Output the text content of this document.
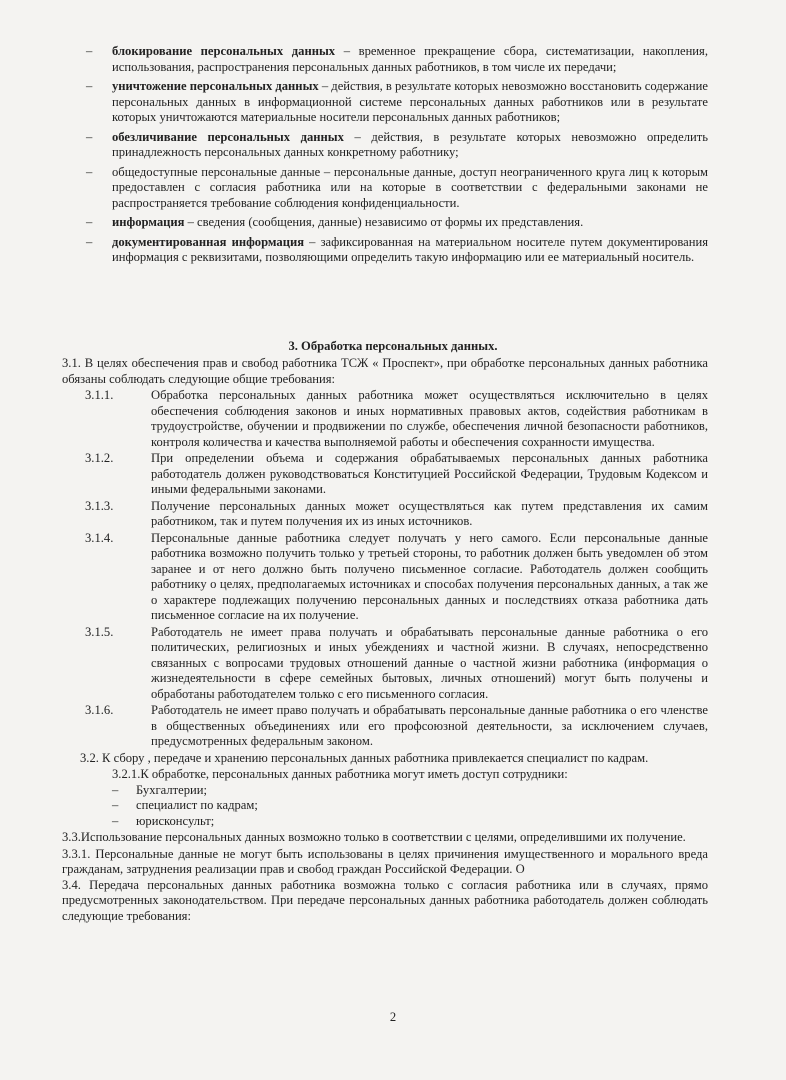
–	блокирование персональных данных – временное прекращение сбора, систематизации, накопления, использования, распространения персональных данных работников, в том числе их передачи;
–	уничтожение персональных данных – действия, в результате которых невозможно восстановить содержание персональных данных в информационной системе персональных данных работников или в результате которых уничтожаются материальные носители персональных данных работников;
–	обезличивание персональных данных – действия, в результате которых невозможно определить принадлежность персональных данных конкретному работнику;
–	общедоступные персональные данные – персональные данные, доступ неограниченного круга лиц к которым предоставлен с согласия работника или на которые в соответствии с федеральными законами не распространяется требование соблюдения конфиденциальности.
–	информация – сведения (сообщения, данные) независимо от формы их представления.
–	документированная информация – зафиксированная на материальном носителе путем документирования информация с реквизитами, позволяющими определить такую информацию или ее материальный носитель.
3. Обработка персональных данных.
3.1. В целях обеспечения прав и свобод работника ТСЖ « Проспект», при обработке персональных данных работника обязаны соблюдать следующие общие требования:
3.1.1.	Обработка персональных данных работника может осуществляться исключительно в целях обеспечения соблюдения законов и иных нормативных правовых актов, содействия работникам в трудоустройстве, обучении и продвижении по службе, обеспечения личной безопасности работников, контроля количества и качества выполняемой работы и обеспечения сохранности имущества.
3.1.2.	При определении объема и содержания обрабатываемых персональных данных работника работодатель должен руководствоваться Конституцией Российской Федерации, Трудовым Кодексом и иными федеральными законами.
3.1.3.	Получение персональных данных может осуществляться как путем представления их самим работником, так и путем получения их из иных источников.
3.1.4.	Персональные данные работника следует получать у него самого. Если персональные данные работника возможно получить только у третьей стороны, то работник должен быть уведомлен об этом заранее и от него должно быть получено письменное согласие. Работодатель должен сообщить работнику о целях, предполагаемых источниках и способах получения персональных данных, а так же о характере подлежащих получению персональных данных и последствиях отказа работника дать письменное согласие на их получение.
3.1.5.	Работодатель не имеет права получать и обрабатывать персональные данные работника о его политических, религиозных и иных убеждениях и частной жизни. В случаях, непосредственно связанных с вопросами трудовых отношений данные о частной жизни работника (информация о жизнедеятельности в сфере семейных бытовых, личных отношений) могут быть получены и обработаны работодателем только с его письменного согласия.
3.1.6.	Работодатель не имеет право получать и обрабатывать персональные данные работника о его членстве в общественных объединениях или его профсоюзной деятельности, за исключением случаев, предусмотренных федеральным законом.
3.2. К сбору , передаче и хранению персональных данных работника привлекается специалист по кадрам.
3.2.1.К обработке, персональных данных работника могут иметь доступ сотрудники:
–	Бухгалтерии;
–	специалист по кадрам;
–	юрисконсульт;
3.3.Использование персональных данных возможно только в соответствии с целями, определившими их получение.
3.3.1. Персональные данные не могут быть использованы в целях причинения имущественного и морального вреда гражданам, затруднения реализации прав и свобод граждан Российской Федерации. О
3.4. Передача персональных данных работника возможна только с согласия работника или в случаях, прямо предусмотренных законодательством. При передаче персональных данных работника работодатель должен соблюдать следующие требования:
2
